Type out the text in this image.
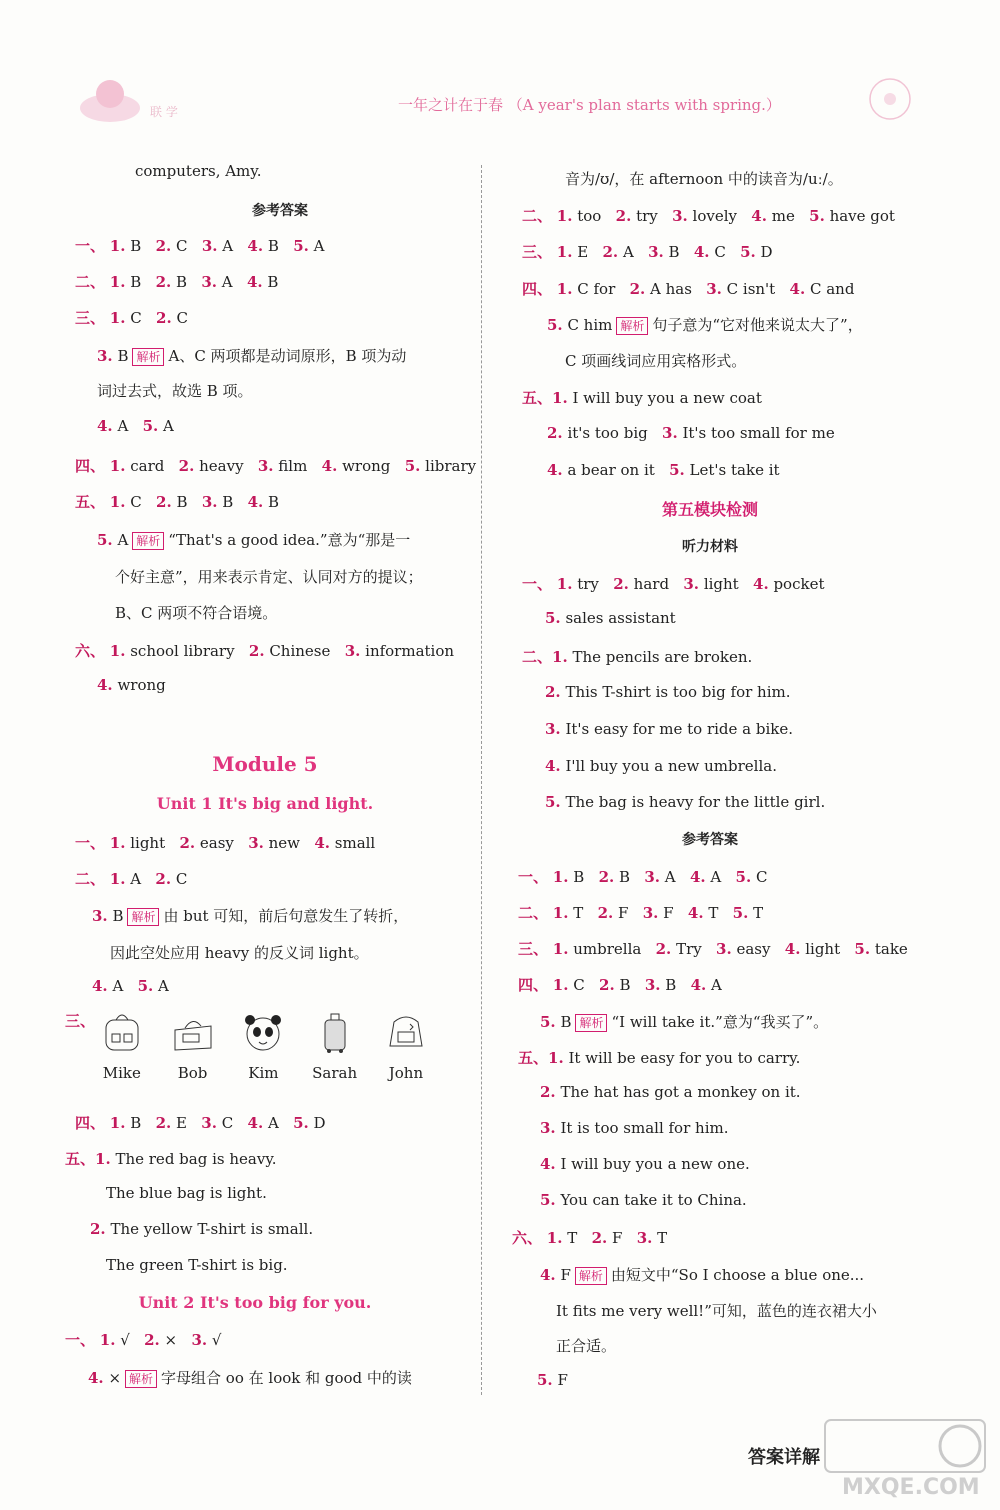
联 学	一年之计在于春 （A year's plan starts with spring.）
computers, Amy.
参考答案
一、 1. B 2. C 3. A 4. B 5. A
二、 1. B 2. B 3. A 4. B
三、 1. C 2. C
3. B 解析 A、C 两项都是动词原形，B 项为动
词过去式，故选 B 项。
4. A 5. A
四、 1. card 2. heavy 3. film 4. wrong 5. library
五、 1. C 2. B 3. B 4. B
5. A 解析 “That's a good idea.”意为“那是一
个好主意”，用来表示肯定、认同对方的提议；
B、C 两项不符合语境。
六、 1. school library 2. Chinese 3. information
4. wrong
Module 5
Unit 1 It's big and light.
一、 1. light 2. easy 3. new 4. small
二、 1. A 2. C
3. B 解析 由 but 可知，前后句意发生了转折，
因此空处应用 heavy 的反义词 light。
4. A 5. A
三、
Mike
	Bob
	Kim
	Sarah
	John
四、 1. B 2. E 3. C 4. A 5. D
五、1. The red bag is heavy.
The blue bag is light.
2. The yellow T-shirt is small.
The green T-shirt is big.
Unit 2 It's too big for you.
一、 1. √ 2. × 3. √
4. × 解析 字母组合 oo 在 look 和 good 中的读
音为/ʊ/，在 afternoon 中的读音为/uː/。
二、 1. too 2. try 3. lovely 4. me 5. have got
三、 1. E 2. A 3. B 4. C 5. D
四、 1. C for 2. A has 3. C isn't 4. C and
5. C him 解析 句子意为“它对他来说太大了”，
C 项画线词应用宾格形式。
五、1. I will buy you a new coat
2. it's too big 3. It's too small for me
4. a bear on it 5. Let's take it
第五模块检测
听力材料
一、 1. try 2. hard 3. light 4. pocket
5. sales assistant
二、1. The pencils are broken.
2. This T-shirt is too big for him.
3. It's easy for me to ride a bike.
4. I'll buy you a new umbrella.
5. The bag is heavy for the little girl.
参考答案
一、 1. B 2. B 3. A 4. A 5. C
二、 1. T 2. F 3. F 4. T 5. T
三、 1. umbrella 2. Try 3. easy 4. light 5. take
四、 1. C 2. B 3. B 4. A
5. B 解析 “I will take it.”意为“我买了”。
五、1. It will be easy for you to carry.
2. The hat has got a monkey on it.
3. It is too small for him.
4. I will buy you a new one.
5. You can take it to China.
六、 1. T 2. F 3. T
4. F 解析 由短文中“So I choose a blue one...
It fits me very well!”可知，蓝色的连衣裙大小
正合适。
5. F
答案详解
MXQE.COM
